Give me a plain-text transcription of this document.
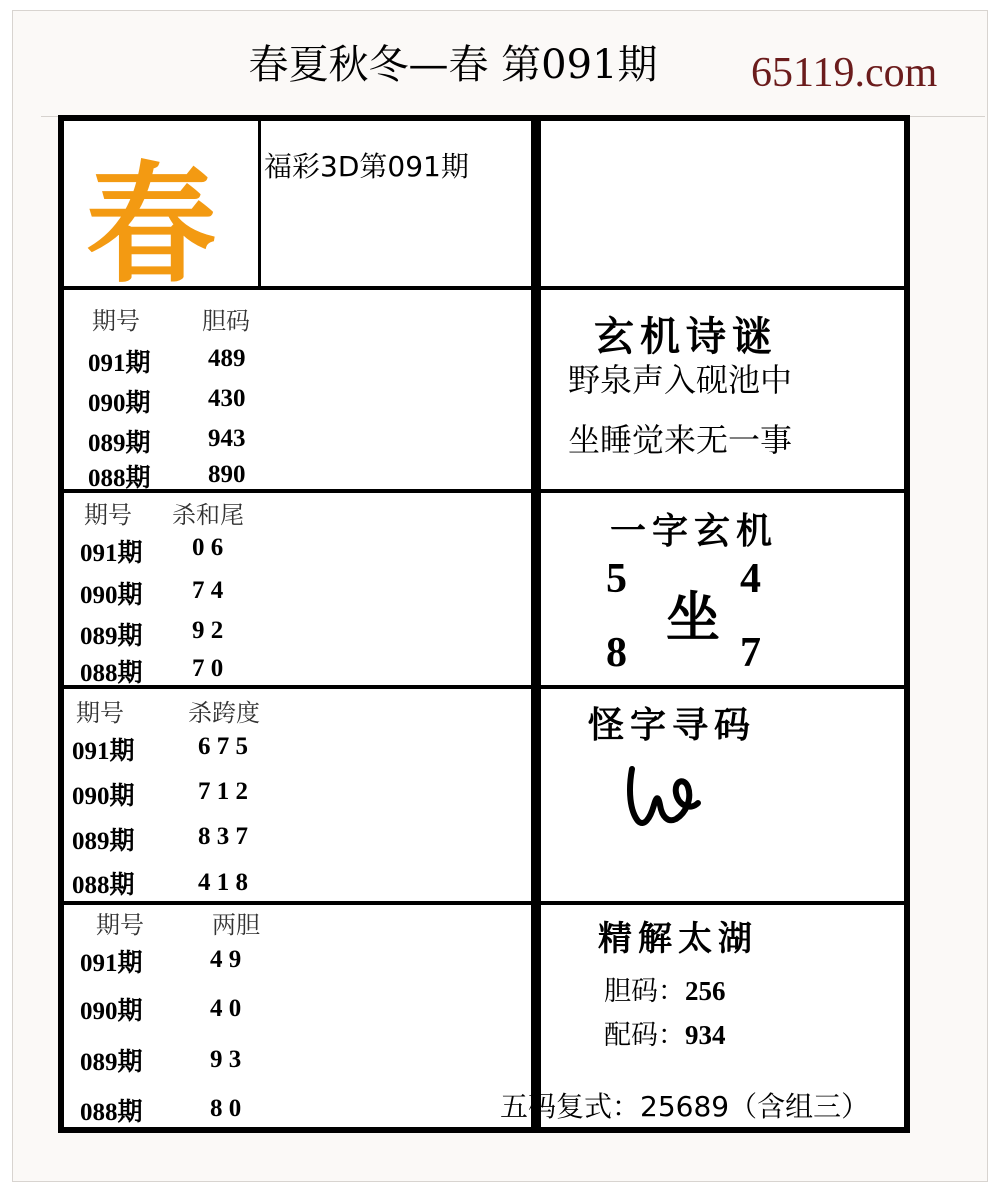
春夏秋冬—春 第091期	65119.com
春 福彩3D第091期
期号	胆码
091期 489
090期 430
089期 943
088期 890
期号 杀和尾
091期 0 6
090期 7 4
089期 9 2
088期 7 0
期号	杀跨度
091期	6 7 5
090期	7 1 2
089期	8 3 7
088期	4 1 8
期号	两胆
091期	4 9
090期	4 0
089期	9 3
088期	8 0
玄机诗谜
野泉声入砚池中
坐睡觉来无一事
一字玄机
5	4
8	7
坐
怪字寻码
精解太湖
胆码：256
配码：934
五码复式：25689（含组三）
